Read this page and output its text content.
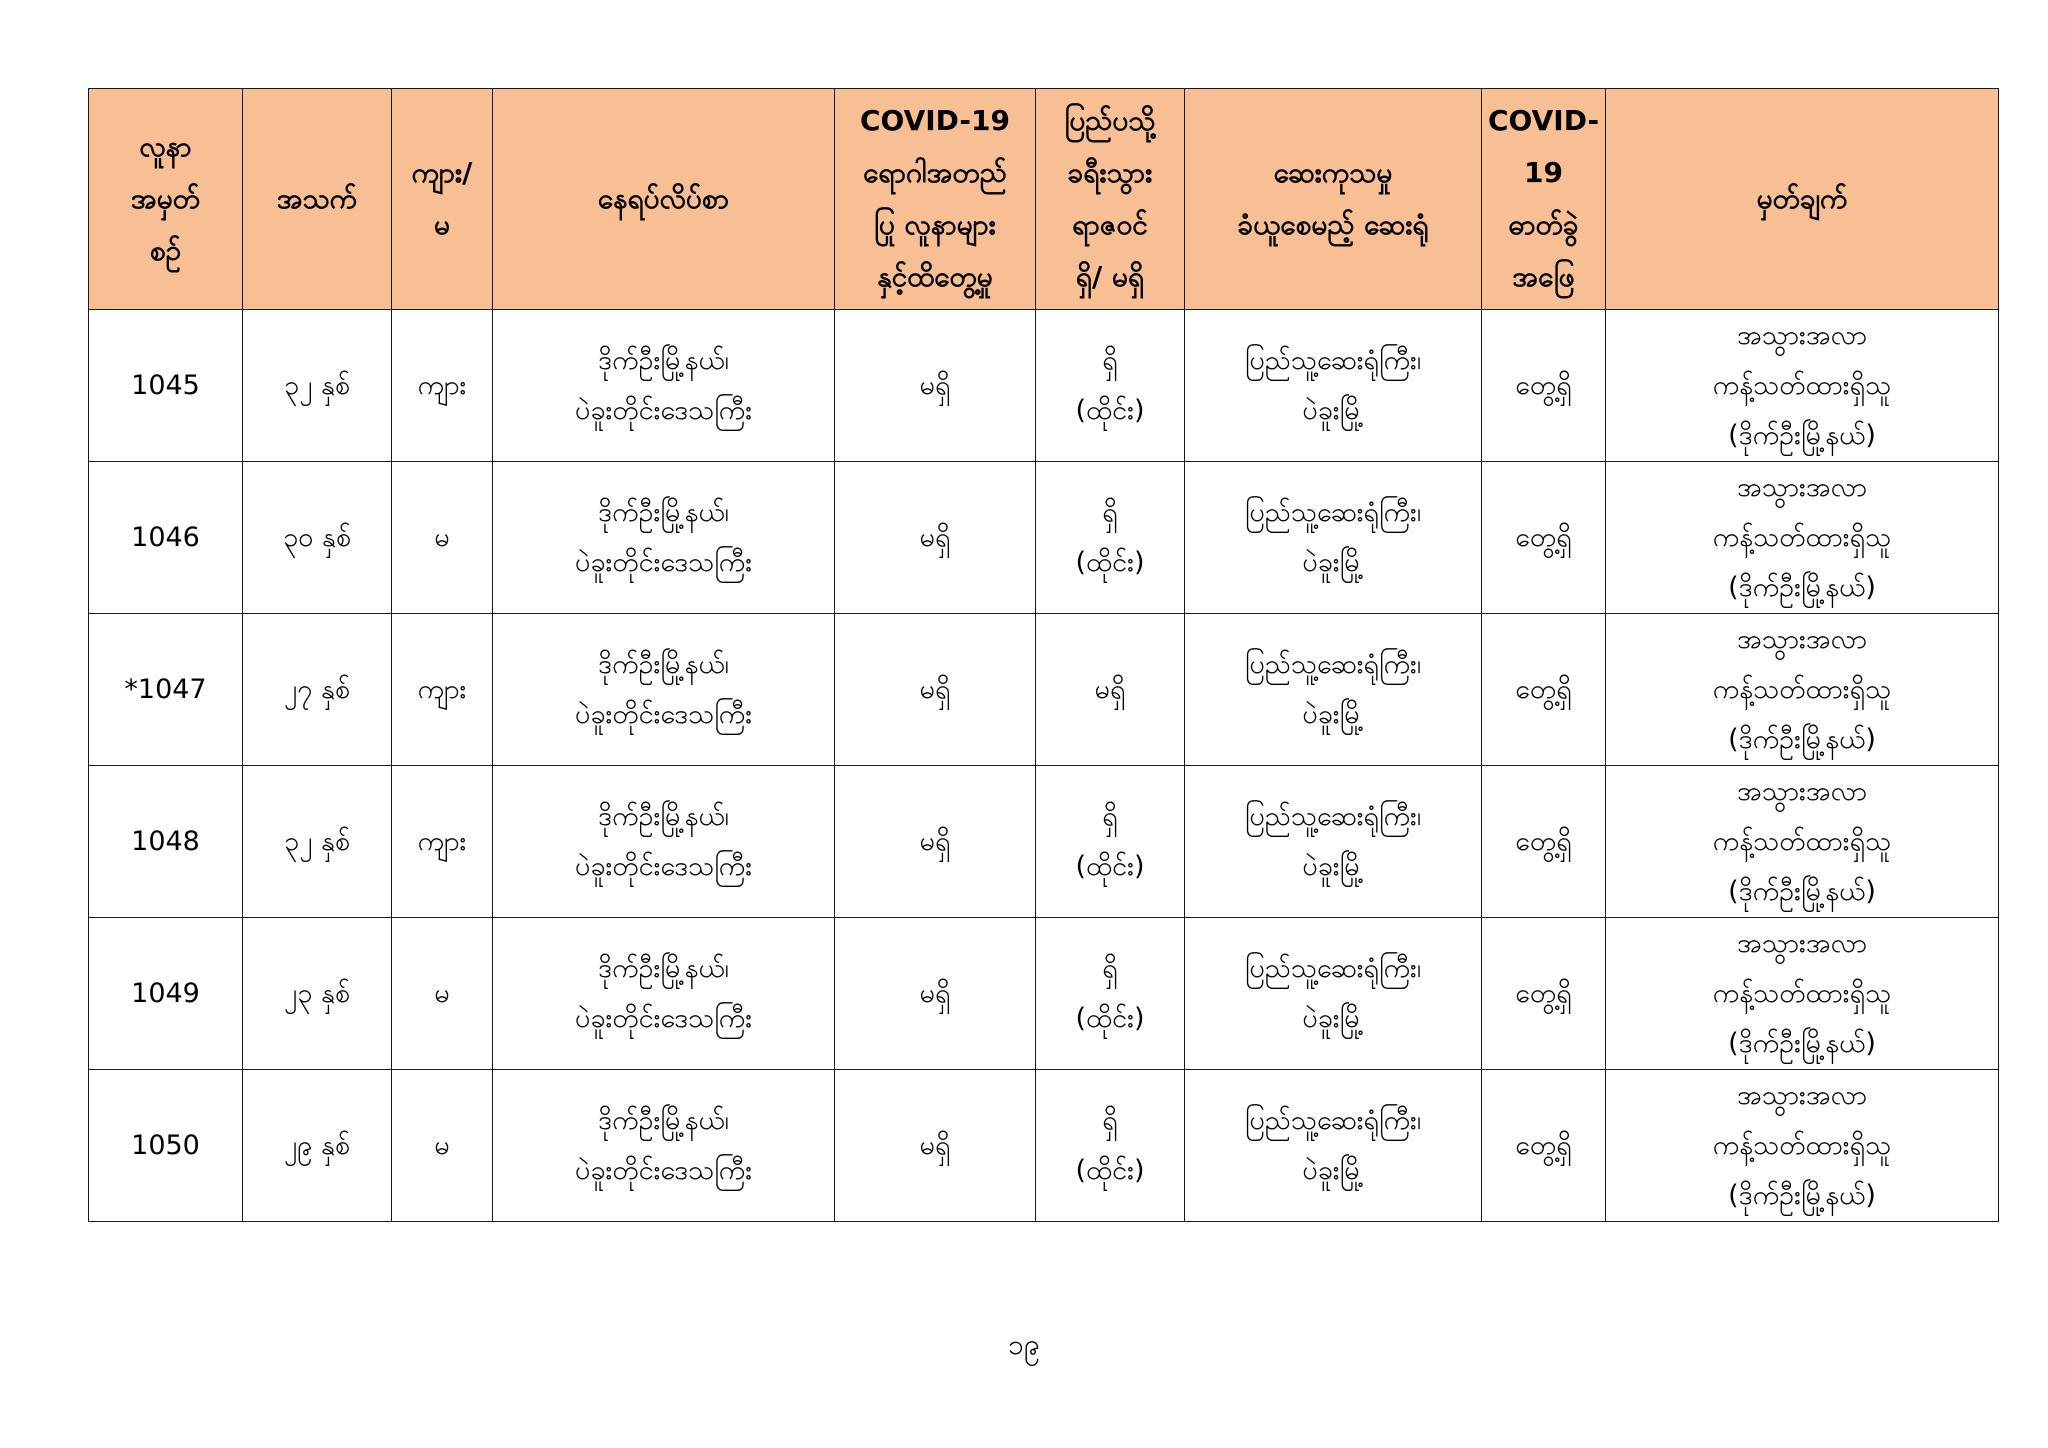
လူနာ
အမှတ်
စဉ်	အသက်	ကျား/
မ	နေရပ်လိပ်စာ	COVID-19
ရောဂါအတည်
ပြု လူနာများ
နှင့်ထိတွေ့မှု	ပြည်ပသို့
ခရီးသွား
ရာဇဝင်
ရှိ/ မရှိ	ဆေးကုသမှု
ခံယူစေမည့် ဆေးရုံ	COVID-
19
ဓာတ်ခွဲ
အဖြေ	မှတ်ချက်

1045	၃၂ နှစ်	ကျား	ဒိုက်ဦးမြို့နယ်၊
ပဲခူးတိုင်းဒေသကြီး	မရှိ	ရှိ
(ထိုင်း)	ပြည်သူ့ဆေးရုံကြီး၊
ပဲခူးမြို့	တွေ့ရှိ	အသွားအလာ
ကန့်သတ်ထားရှိသူ
(ဒိုက်ဦးမြို့နယ်)

1046	၃၀ နှစ်	မ	ဒိုက်ဦးမြို့နယ်၊
ပဲခူးတိုင်းဒေသကြီး	မရှိ	ရှိ
(ထိုင်း)	ပြည်သူ့ဆေးရုံကြီး၊
ပဲခူးမြို့	တွေ့ရှိ	အသွားအလာ
ကန့်သတ်ထားရှိသူ
(ဒိုက်ဦးမြို့နယ်)

*1047	၂၇ နှစ်	ကျား	ဒိုက်ဦးမြို့နယ်၊
ပဲခူးတိုင်းဒေသကြီး	မရှိ	မရှိ	ပြည်သူ့ဆေးရုံကြီး၊
ပဲခူးမြို့	တွေ့ရှိ	အသွားအလာ
ကန့်သတ်ထားရှိသူ
(ဒိုက်ဦးမြို့နယ်)

1048	၃၂ နှစ်	ကျား	ဒိုက်ဦးမြို့နယ်၊
ပဲခူးတိုင်းဒေသကြီး	မရှိ	ရှိ
(ထိုင်း)	ပြည်သူ့ဆေးရုံကြီး၊
ပဲခူးမြို့	တွေ့ရှိ	အသွားအလာ
ကန့်သတ်ထားရှိသူ
(ဒိုက်ဦးမြို့နယ်)

1049	၂၃ နှစ်	မ	ဒိုက်ဦးမြို့နယ်၊
ပဲခူးတိုင်းဒေသကြီး	မရှိ	ရှိ
(ထိုင်း)	ပြည်သူ့ဆေးရုံကြီး၊
ပဲခူးမြို့	တွေ့ရှိ	အသွားအလာ
ကန့်သတ်ထားရှိသူ
(ဒိုက်ဦးမြို့နယ်)

1050	၂၉ နှစ်	မ	ဒိုက်ဦးမြို့နယ်၊
ပဲခူးတိုင်းဒေသကြီး	မရှိ	ရှိ
(ထိုင်း)	ပြည်သူ့ဆေးရုံကြီး၊
ပဲခူးမြို့	တွေ့ရှိ	အသွားအလာ
ကန့်သတ်ထားရှိသူ
(ဒိုက်ဦးမြို့နယ်)
၁၉
